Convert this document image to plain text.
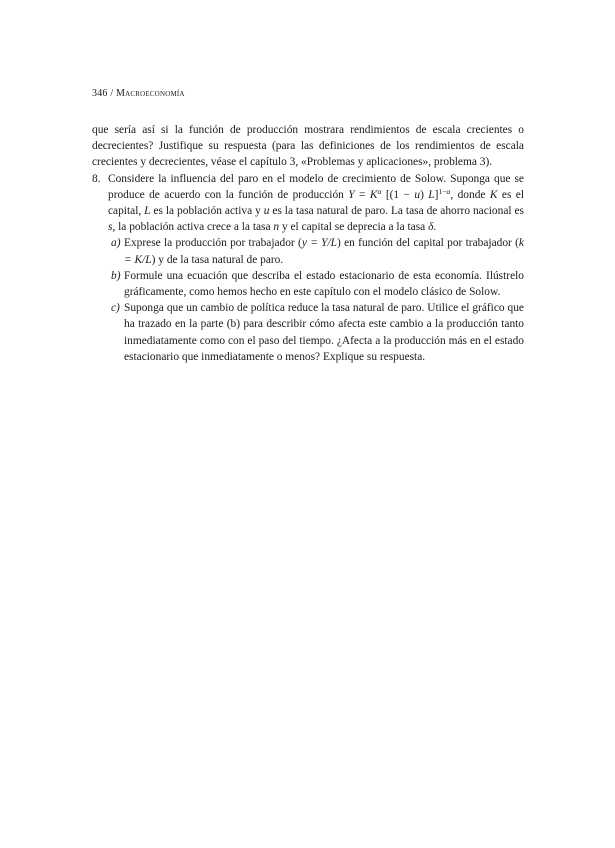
346 / Macroeconomía

que sería así si la función de producción mostrara rendimientos de escala crecientes o decrecientes? Justifique su respuesta (para las definiciones de los rendimientos de escala crecientes y decrecientes, véase el capítulo 3, «Problemas y aplicaciones», problema 3).

8. Considere la influencia del paro en el modelo de crecimiento de Solow. Suponga que se produce de acuerdo con la función de producción $Y = K^\alpha$ [(1 − u) L]$^{1-\alpha}$, donde K es el capital, L es la población activa y u es la tasa natural de paro. La tasa de ahorro nacional es s, la población activa crece a la tasa n y el capital se deprecia a la tasa δ.
a) Exprese la producción por trabajador (y = Y/L) en función del capital por trabajador (k = K/L) y de la tasa natural de paro.
b) Formule una ecuación que describa el estado estacionario de esta economía. Ilústrelo gráficamente, como hemos hecho en este capítulo con el modelo clásico de Solow.
c) Suponga que un cambio de política reduce la tasa natural de paro. Utilice el gráfico que ha trazado en la parte (b) para describir cómo afecta este cambio a la producción tanto inmediatamente como con el paso del tiempo. ¿Afecta a la producción más en el estado estacionario que inmediatamente o menos? Explique su respuesta.
